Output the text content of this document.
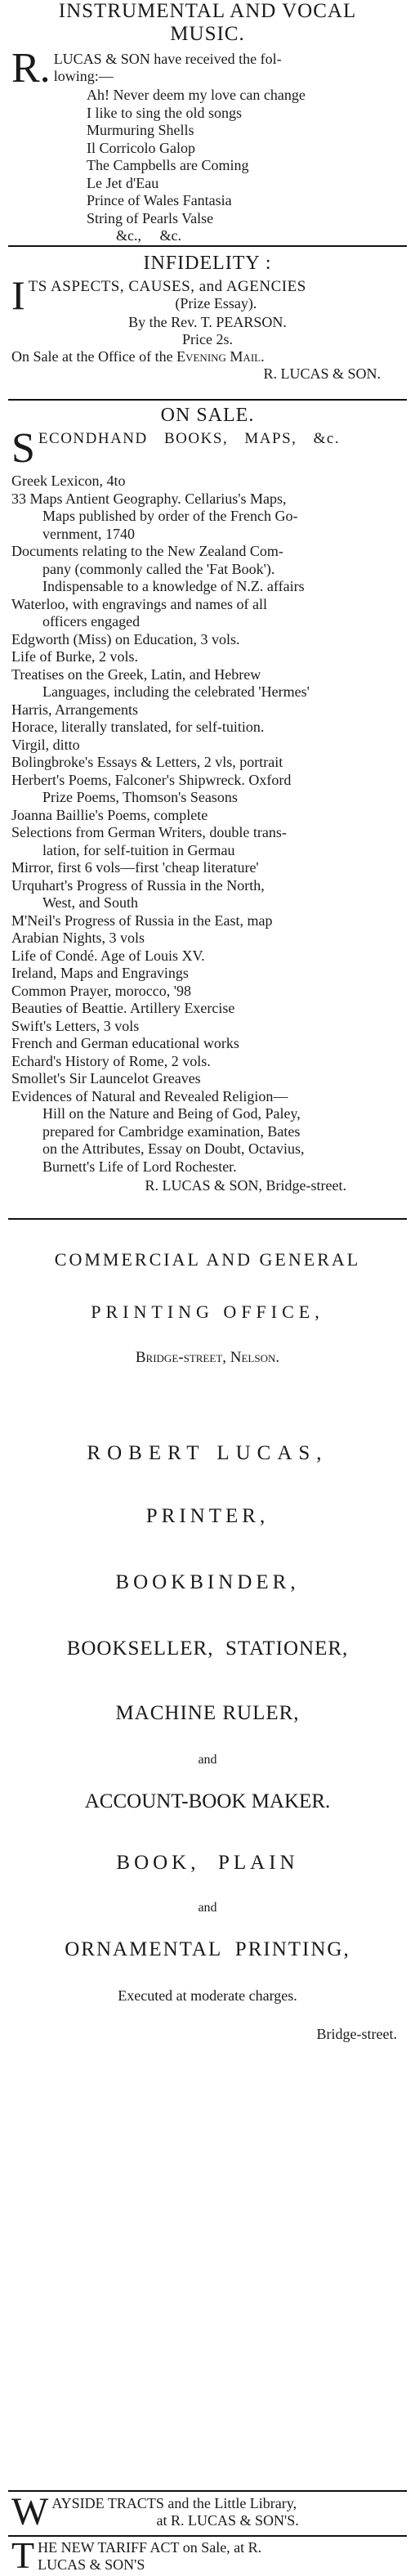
INSTRUMENTAL AND VOCAL
MUSIC.
R. LUCAS & SON have received the fol-

lowing:—

Ah! Never deem my love can change
I like to sing the old songs
Murmuring Shells
Il Corricolo Galop
The Campbells are Coming
Le Jet d'Eau
Prince of Wales Fantasia
String of Pearls Valse
&c.,     &c.
INFIDELITY :
I TS ASPECTS, CAUSES, and AGENCIES

(Prize Essay).

By the Rev. T. PEARSON.

Price 2s.

On Sale at the Office of the Evening Mail.

R. LUCAS & SON.

ON SALE.
S ECONDHAND BOOKS, MAPS, &c.

Greek Lexicon, 4to
33 Maps Antient Geography. Cellarius's Maps,
Maps published by order of the French Go-
vernment, 1740
Documents relating to the New Zealand Com-
pany (commonly called the 'Fat Book').
Indispensable to a knowledge of N.Z. affairs
Waterloo, with engravings and names of all
officers engaged
Edgworth (Miss) on Education, 3 vols.
Life of Burke, 2 vols.
Treatises on the Greek, Latin, and Hebrew
Languages, including the celebrated 'Hermes'
Harris, Arrangements
Horace, literally translated, for self-tuition.
Virgil, ditto
Bolingbroke's Essays & Letters, 2 vls, portrait
Herbert's Poems, Falconer's Shipwreck. Oxford
Prize Poems, Thomson's Seasons
Joanna Baillie's Poems, complete
Selections from German Writers, double trans-
lation, for self-tuition in Germau
Mirror, first 6 vols—first 'cheap literature'
Urquhart's Progress of Russia in the North,
West, and South
M'Neil's Progress of Russia in the East, map
Arabian Nights, 3 vols
Life of Condé. Age of Louis XV.
Ireland, Maps and Engravings
Common Prayer, morocco, '98
Beauties of Beattie. Artillery Exercise
Swift's Letters, 3 vols
French and German educational works
Echard's History of Rome, 2 vols.
Smollet's Sir Launcelot Greaves
Evidences of Natural and Revealed Religion—
Hill on the Nature and Being of God, Paley,
prepared for Cambridge examination, Bates
on the Attributes, Essay on Doubt, Octavius,
Burnett's Life of Lord Rochester.

R. LUCAS & SON, Bridge-street.

COMMERCIAL AND GENERAL

PRINTING OFFICE,

Bridge-street, Nelson.

ROBERT LUCAS,

PRINTER,

BOOKBINDER,

BOOKSELLER,  STATIONER,

MACHINE RULER,

and

ACCOUNT-BOOK MAKER.

BOOK,  PLAIN

and

ORNAMENTAL  PRINTING,

Executed at moderate charges.

Bridge-street.

W AYSIDE TRACTS and the Little Library,

at R. LUCAS & SON'S.

T HE NEW TARIFF ACT on Sale, at R.

LUCAS & SON'S
